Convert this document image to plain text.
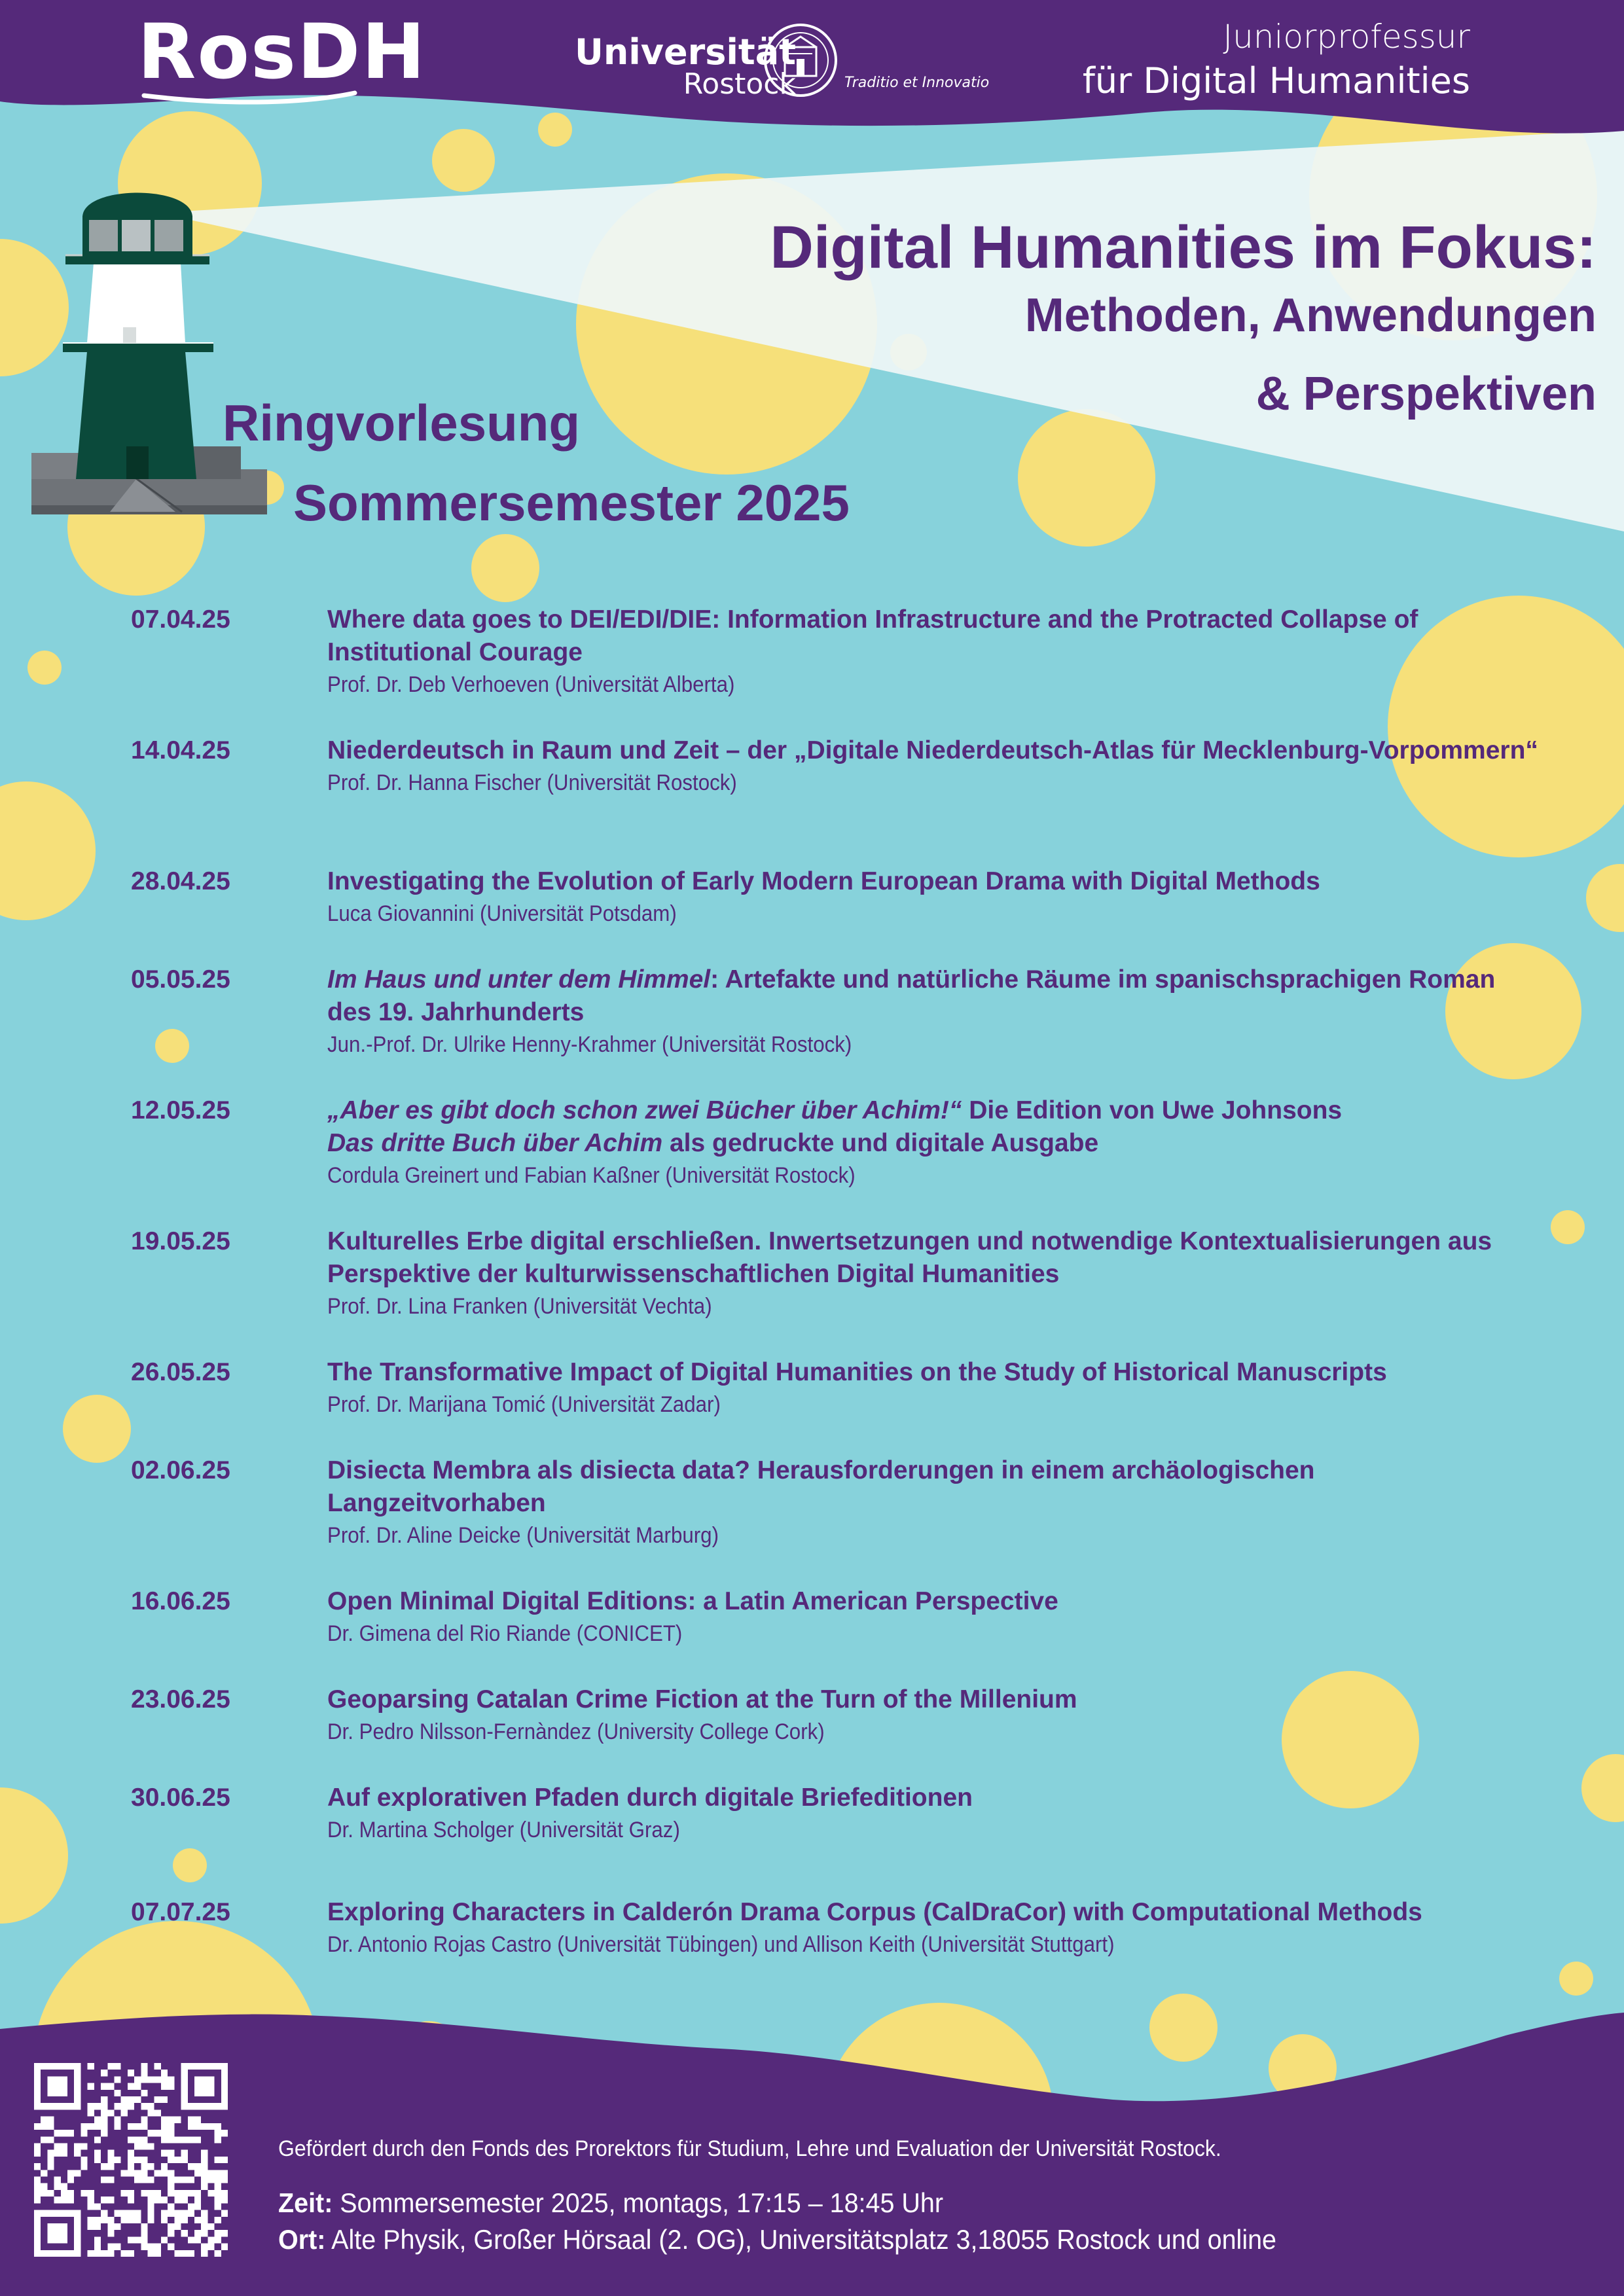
RosDH	Universität
Rostock	Traditio et Innovatio
Juniorprofessur
für Digital Humanities
Digital Humanities im Fokus:
Methoden, Anwendungen
& Perspektiven
Ringvorlesung
Sommersemester 2025
07.04.25	Where data goes to DEI/EDI/DIE: Information Infrastructure and the Protracted Collapse of Institutional Courage

Prof. Dr. Deb Verhoeven (Universität Alberta)

14.04.25	Niederdeutsch in Raum und Zeit – der „Digitale Niederdeutsch-Atlas für Mecklenburg-Vorpommern“

Prof. Dr. Hanna Fischer (Universität Rostock)

28.04.25	Investigating the Evolution of Early Modern European Drama with Digital Methods

Luca Giovannini (Universität Potsdam)

05.05.25	Im Haus und unter dem Himmel: Artefakte und natürliche Räume im spanischsprachigen Roman des 19. Jahrhunderts

Jun.-Prof. Dr. Ulrike Henny-Krahmer (Universität Rostock)

12.05.25	„Aber es gibt doch schon zwei Bücher über Achim!“ Die Edition von Uwe Johnsons
Das dritte Buch über Achim als gedruckte und digitale Ausgabe

Cordula Greinert und Fabian Kaßner (Universität Rostock)

19.05.25	Kulturelles Erbe digital erschließen. Inwertsetzungen und notwendige Kontextualisierungen aus Perspektive der kulturwissenschaftlichen Digital Humanities

Prof. Dr. Lina Franken (Universität Vechta)

26.05.25	The Transformative Impact of Digital Humanities on the Study of Historical Manuscripts

Prof. Dr. Marijana Tomić (Universität Zadar)

02.06.25	Disiecta Membra als disiecta data? Herausforderungen in einem archäologischen Langzeitvorhaben

Prof. Dr. Aline Deicke (Universität Marburg)

16.06.25	Open Minimal Digital Editions: a Latin American Perspective

Dr. Gimena del Rio Riande (CONICET)

23.06.25	Geoparsing Catalan Crime Fiction at the Turn of the Millenium

Dr. Pedro Nilsson-Fernàndez (University College Cork)

30.06.25	Auf explorativen Pfaden durch digitale Briefeditionen

Dr. Martina Scholger (Universität Graz)

07.07.25	Exploring Characters in Calderón Drama Corpus (CalDraCor) with Computational Methods

Dr. Antonio Rojas Castro (Universität Tübingen) und Allison Keith (Universität Stuttgart)

Gefördert durch den Fonds des Prorektors für Studium, Lehre und Evaluation der Universität Rostock.

Zeit: Sommersemester 2025, montags, 17:15 – 18:45 Uhr
Ort: Alte Physik, Großer Hörsaal (2. OG), Universitätsplatz 3,18055 Rostock und online
